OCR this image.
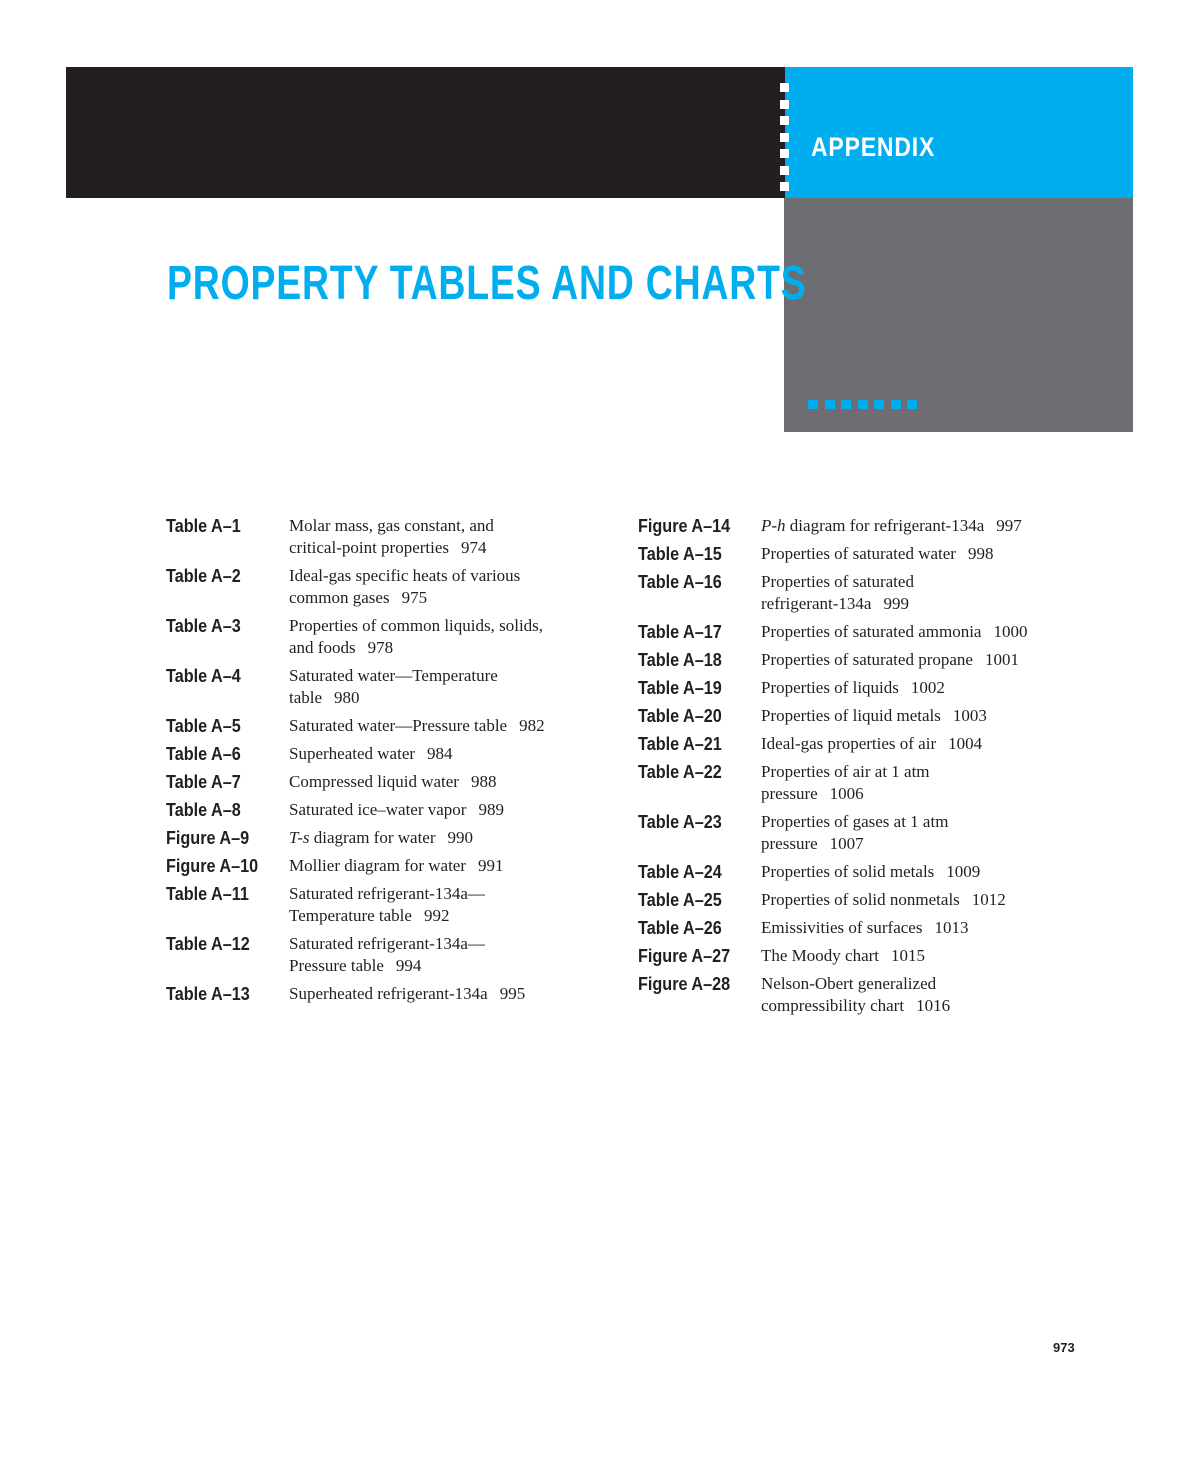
APPENDIX
PROPERTY TABLES AND CHARTS
Table A–1	Molar mass, gas constant, and
critical-point properties 974
Table A–2	Ideal-gas specific heats of various
common gases 975
Table A–3	Properties of common liquids, solids,
and foods 978
Table A–4	Saturated water—Temperature
table 980
Table A–5	Saturated water—Pressure table 982
Table A–6	Superheated water 984
Table A–7	Compressed liquid water 988
Table A–8	Saturated ice–water vapor 989
Figure A–9 T-s diagram for water 990
Figure A–10 Mollier diagram for water 991
Table A–11 Saturated refrigerant-134a—
Temperature table 992
Table A–12 Saturated refrigerant-134a—
Pressure table 994
Table A–13 Superheated refrigerant-134a 995
Figure A–14 P-h diagram for refrigerant-134a 997
Table A–15 Properties of saturated water 998
Table A–16 Properties of saturated
refrigerant-134a 999
Table A–17 Properties of saturated ammonia 1000
Table A–18 Properties of saturated propane 1001
Table A–19 Properties of liquids 1002
Table A–20 Properties of liquid metals 1003
Table A–21 Ideal-gas properties of air 1004
Table A–22 Properties of air at 1 atm
pressure 1006
Table A–23 Properties of gases at 1 atm
pressure 1007
Table A–24 Properties of solid metals 1009
Table A–25 Properties of solid nonmetals 1012
Table A–26 Emissivities of surfaces 1013
Figure A–27 The Moody chart 1015
Figure A–28 Nelson-Obert generalized
compressibility chart 1016
973
